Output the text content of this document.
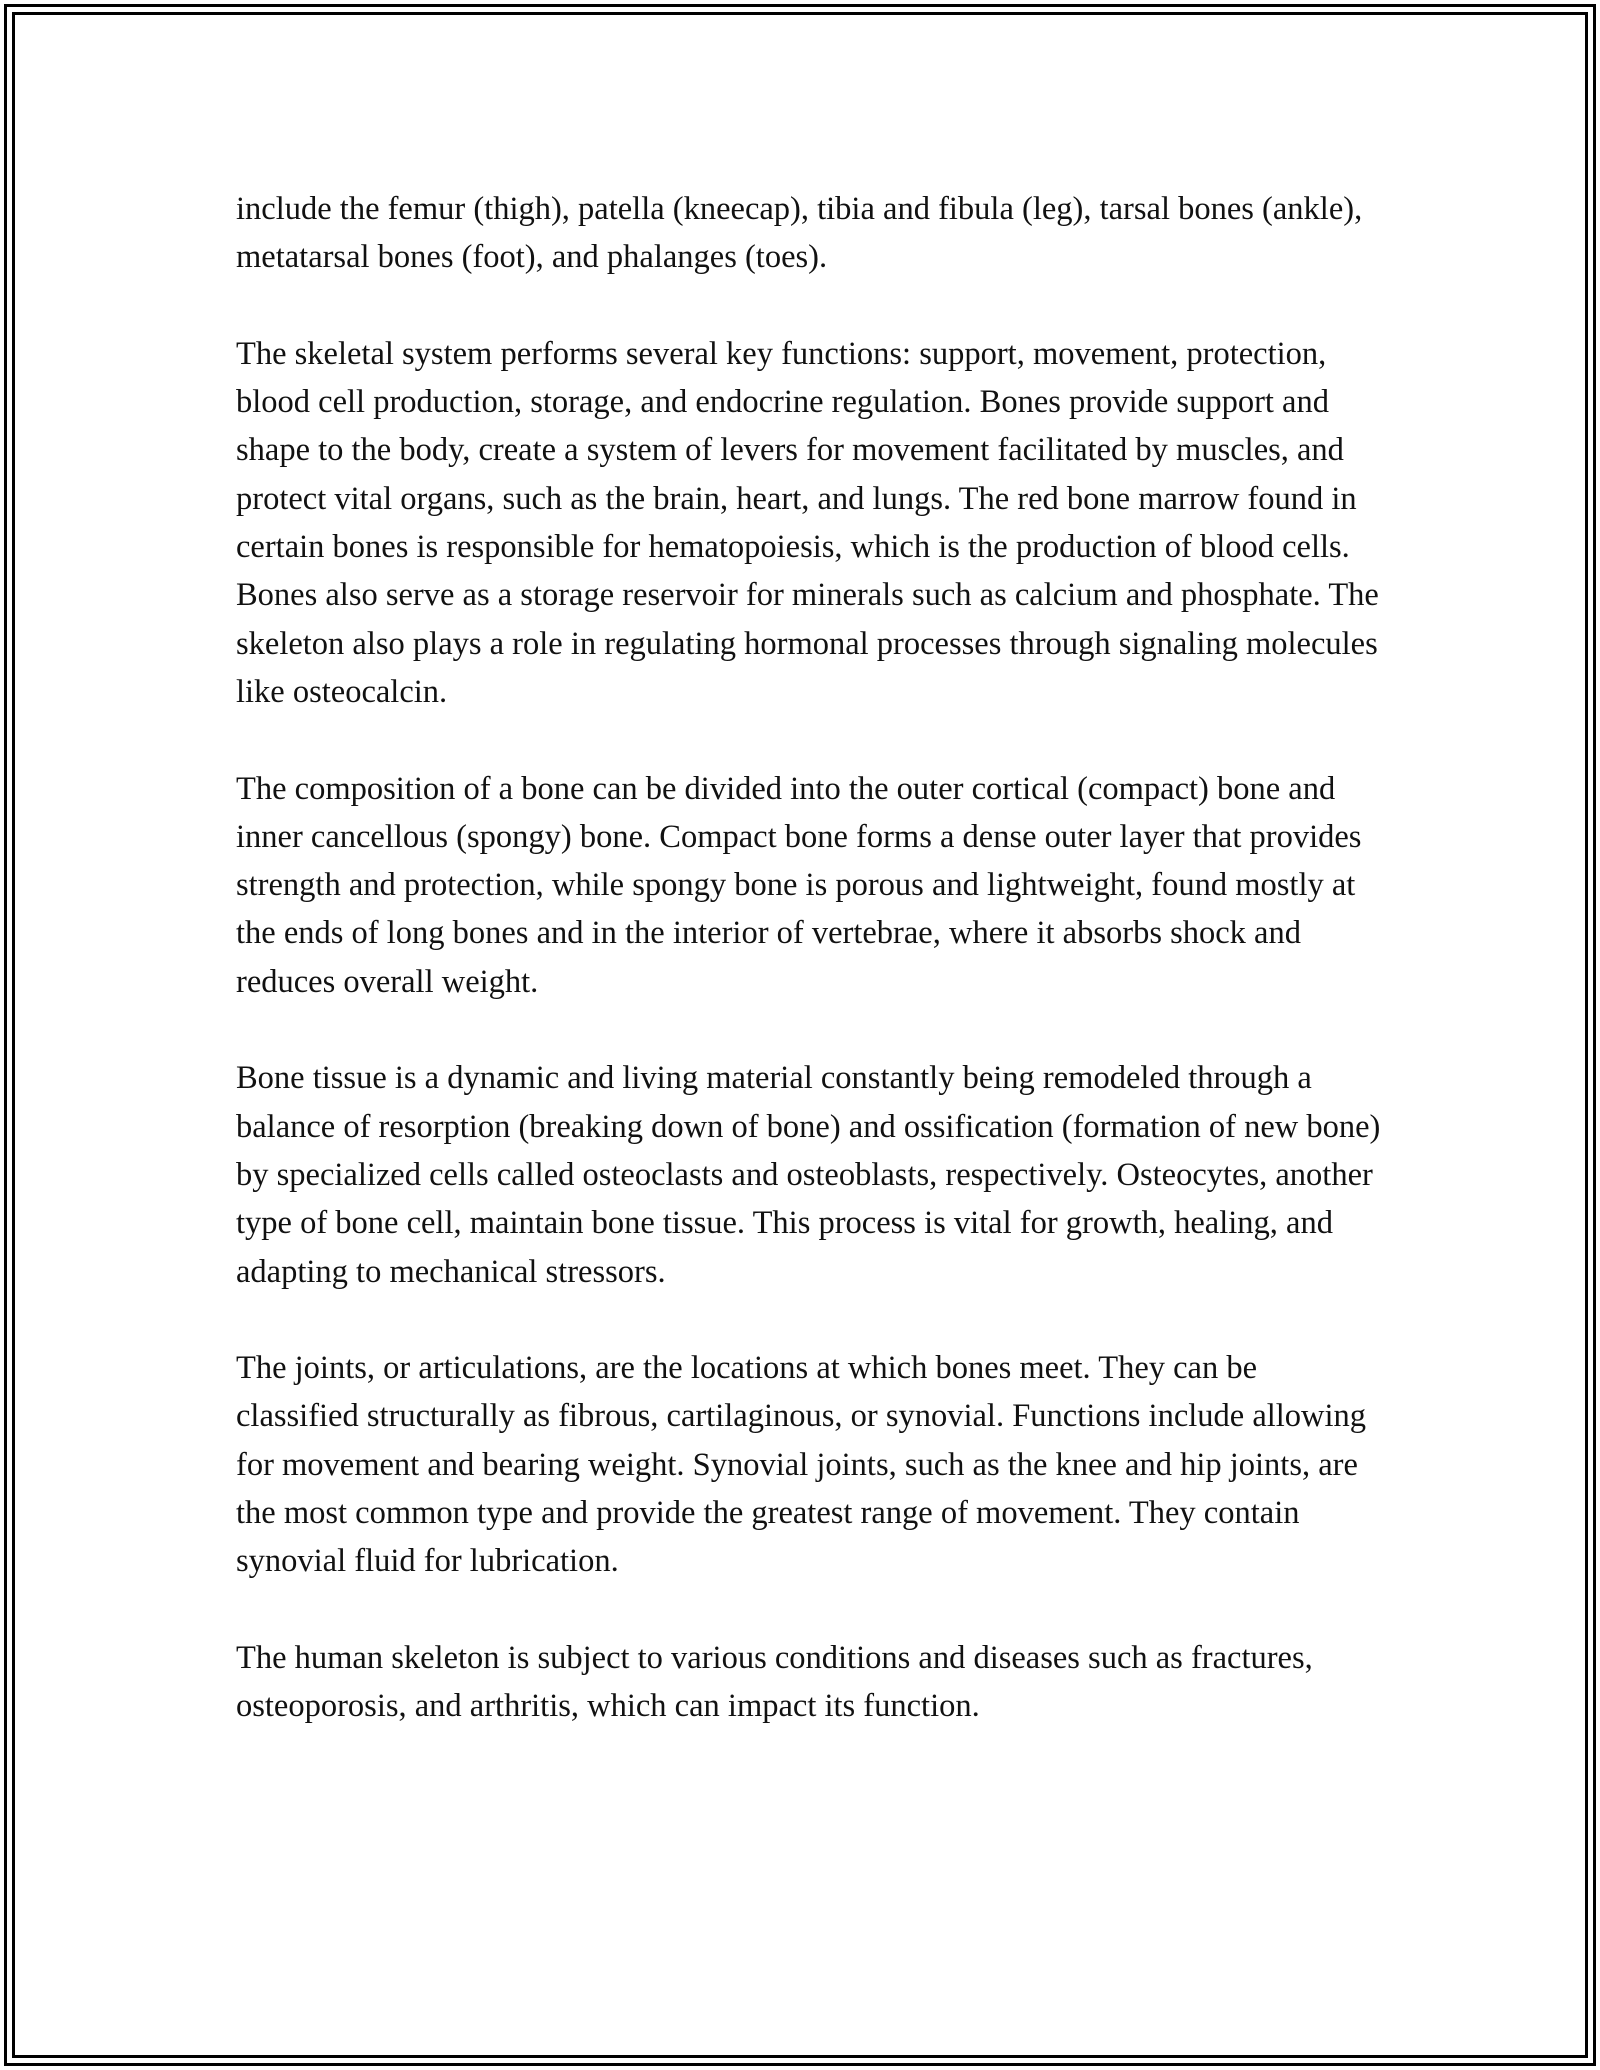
include the femur (thigh), patella (kneecap), tibia and fibula (leg), tarsal bones (ankle), metatarsal bones (foot), and phalanges (toes).

The skeletal system performs several key functions: support, movement, protection, blood cell production, storage, and endocrine regulation. Bones provide support and shape to the body, create a system of levers for movement facilitated by muscles, and protect vital organs, such as the brain, heart, and lungs. The red bone marrow found in certain bones is responsible for hematopoiesis, which is the production of blood cells. Bones also serve as a storage reservoir for minerals such as calcium and phosphate. The skeleton also plays a role in regulating hormonal processes through signaling molecules like osteocalcin.

The composition of a bone can be divided into the outer cortical (compact) bone and inner cancellous (spongy) bone. Compact bone forms a dense outer layer that provides strength and protection, while spongy bone is porous and lightweight, found mostly at the ends of long bones and in the interior of vertebrae, where it absorbs shock and reduces overall weight.

Bone tissue is a dynamic and living material constantly being remodeled through a balance of resorption (breaking down of bone) and ossification (formation of new bone) by specialized cells called osteoclasts and osteoblasts, respectively. Osteocytes, another type of bone cell, maintain bone tissue. This process is vital for growth, healing, and adapting to mechanical stressors.

The joints, or articulations, are the locations at which bones meet. They can be classified structurally as fibrous, cartilaginous, or synovial. Functions include allowing for movement and bearing weight. Synovial joints, such as the knee and hip joints, are the most common type and provide the greatest range of movement. They contain synovial fluid for lubrication.

The human skeleton is subject to various conditions and diseases such as fractures, osteoporosis, and arthritis, which can impact its function.
